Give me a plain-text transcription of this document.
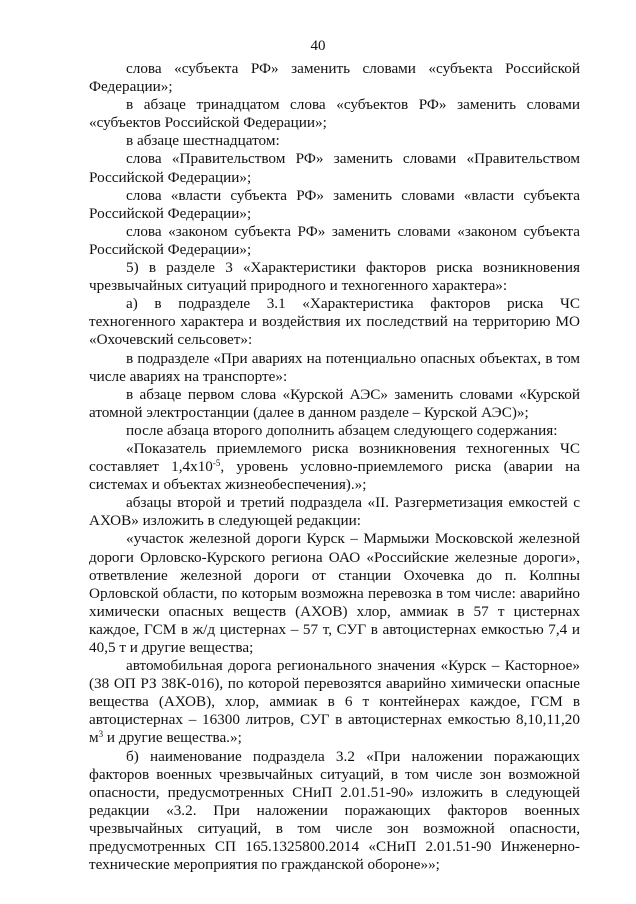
40

слова «субъекта РФ» заменить словами «субъекта Российской Федерации»;

в абзаце тринадцатом слова «субъектов РФ» заменить словами «субъектов Российской Федерации»;

в абзаце шестнадцатом:

слова «Правительством РФ» заменить словами «Правительством Российской Федерации»;

слова «власти субъекта РФ» заменить словами «власти субъекта Российской Федерации»;

слова «законом субъекта РФ» заменить словами «законом субъекта Российской Федерации»;

5) в разделе 3 «Характеристики факторов риска возникновения чрезвычайных ситуаций природного и техногенного характера»:

а) в подразделе 3.1 «Характеристика факторов риска ЧС техногенного характера и воздействия их последствий на территорию МО «Охочевский сельсовет»:

в подразделе «При авариях на потенциально опасных объектах, в том числе авариях на транспорте»:

в абзаце первом слова «Курской АЭС» заменить словами «Курской атомной электростанции (далее в данном разделе – Курской АЭС)»;

после абзаца второго дополнить абзацем следующего содержания:

«Показатель приемлемого риска возникновения техногенных ЧС составляет $1,4х10^{-5}$, уровень условно-приемлемого риска (аварии на системах и объектах жизнеобеспечения).»;

абзацы второй и третий подраздела «II. Разгерметизация емкостей с АХОВ» изложить в следующей редакции:

«участок железной дороги Курск – Мармыжи Московской железной дороги Орловско-Курского региона ОАО «Российские железные дороги», ответвление железной дороги от станции Охочевка до п. Колпны Орловской области, по которым возможна перевозка в том числе: аварийно химически опасных веществ (АХОВ) хлор, аммиак в 57 т цистернах каждое, ГСМ в ж/д цистернах – 57 т, СУГ в автоцистернах емкостью 7,4 и 40,5 т и другие вещества;

автомобильная дорога регионального значения «Курск – Касторное» (38 ОП РЗ 38К-016), по которой перевозятся аварийно химически опасные вещества (АХОВ), хлор, аммиак в 6 т контейнерах каждое, ГСМ в автоцистернах – 16300 литров, СУГ в автоцистернах емкостью 8,10,11,20 $м^3$ и другие вещества.»;

б) наименование подраздела 3.2 «При наложении поражающих факторов военных чрезвычайных ситуаций, в том числе зон возможной опасности, предусмотренных СНиП 2.01.51-90» изложить в следующей редакции «3.2. При наложении поражающих факторов военных чрезвычайных ситуаций, в том числе зон возможной опасности, предусмотренных СП 165.1325800.2014 «СНиП 2.01.51-90 Инженерно-технические мероприятия по гражданской обороне»»;
